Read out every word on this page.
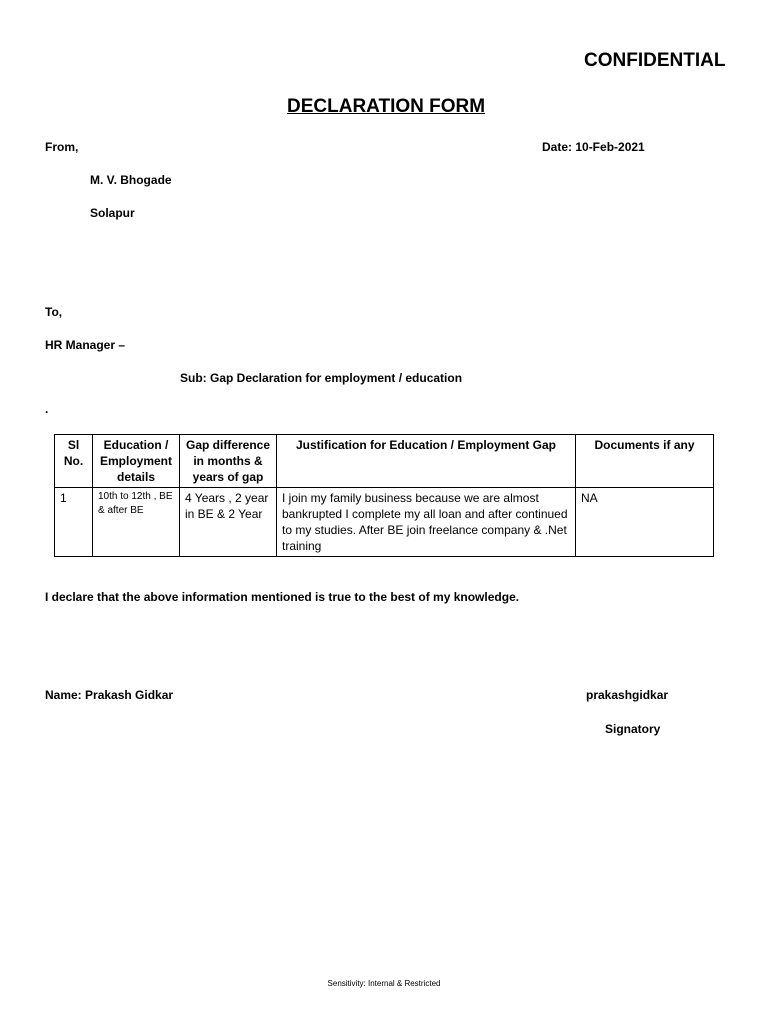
CONFIDENTIAL
DECLARATION FORM
From,	Date: 10-Feb-2021
M. V. Bhogade
Solapur
To,
HR Manager –
Sub: Gap Declaration for employment / education
.
Sl No.	Education / Employment details	Gap difference in months & years of gap	Justification for Education / Employment Gap	Documents if any
1	10th to 12th , BE & after BE	4 Years , 2 year in BE & 2 Year	I join my family business because we are almost bankrupted I complete my all loan and after continued to my studies. After BE join freelance company & .Net training	NA
I declare that the above information mentioned is true to the best of my knowledge.
Name: Prakash Gidkar	prakashgidkar
Signatory
Sensitivity: Internal & Restricted
